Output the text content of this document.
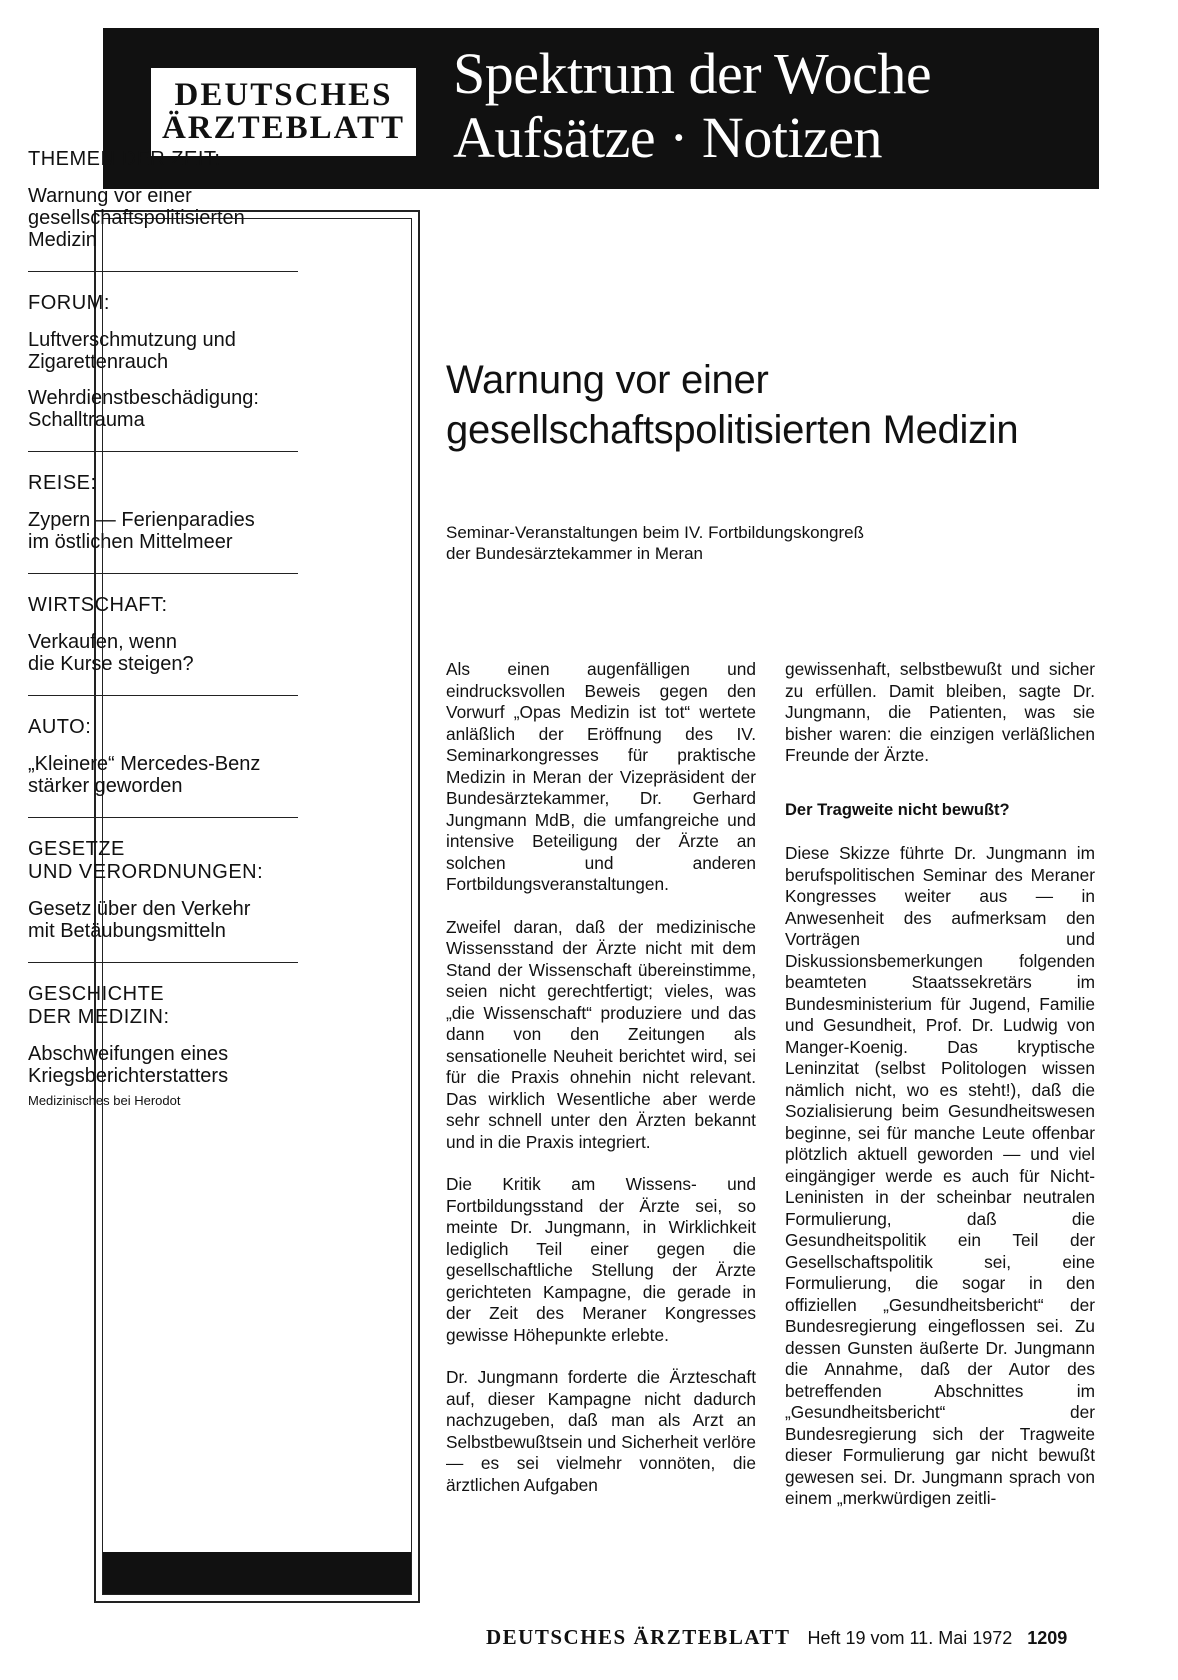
DEUTSCHES
ÄRZTEBLATT
Spektrum der Woche
Aufsätze · Notizen
THEMEN DER ZEIT:
Warnung vor einer
gesellschaftspolitisierten
Medizin
FORUM:
Luftverschmutzung und
Zigarettenrauch
Wehrdienstbeschädigung:
Schalltrauma
REISE:
Zypern — Ferienparadies
im östlichen Mittelmeer
WIRTSCHAFT:
Verkaufen, wenn
die Kurse steigen?
AUTO:
„Kleinere“ Mercedes-Benz
stärker geworden
GESETZE
UND VERORDNUNGEN:
Gesetz über den Verkehr
mit Betäubungsmitteln
GESCHICHTE
DER MEDIZIN:
Abschweifungen eines
Kriegsberichterstatters
Medizinisches bei Herodot
Warnung vor einer
gesellschaftspolitisierten Medizin
Seminar-Veranstaltungen beim IV. Fortbildungskongreß
der Bundesärztekammer in Meran

Als einen augenfälligen und eindrucksvollen Beweis gegen den Vorwurf „Opas Medizin ist tot“ wertete anläßlich der Eröffnung des IV. Seminarkongresses für praktische Medizin in Meran der Vizepräsident der Bundesärztekammer, Dr. Gerhard Jungmann MdB, die umfangreiche und intensive Beteiligung der Ärzte an solchen und anderen Fortbildungsveranstaltungen.

Zweifel daran, daß der medizinische Wissensstand der Ärzte nicht mit dem Stand der Wissenschaft übereinstimme, seien nicht gerechtfertigt; vieles, was „die Wissenschaft“ produziere und das dann von den Zeitungen als sensationelle Neuheit berichtet wird, sei für die Praxis ohnehin nicht relevant. Das wirklich Wesentliche aber werde sehr schnell unter den Ärzten bekannt und in die Praxis integriert.

Die Kritik am Wissens- und Fortbildungsstand der Ärzte sei, so meinte Dr. Jungmann, in Wirklichkeit lediglich Teil einer gegen die gesellschaftliche Stellung der Ärzte gerichteten Kampagne, die gerade in der Zeit des Meraner Kongresses gewisse Höhepunkte erlebte.

Dr. Jungmann forderte die Ärzteschaft auf, dieser Kampagne nicht dadurch nachzugeben, daß man als Arzt an Selbstbewußtsein und Sicherheit verlöre — es sei vielmehr vonnöten, die ärztlichen Aufgaben

gewissenhaft, selbstbewußt und sicher zu erfüllen. Damit bleiben, sagte Dr. Jungmann, die Patienten, was sie bisher waren: die einzigen verläßlichen Freunde der Ärzte.

Der Tragweite nicht bewußt?

Diese Skizze führte Dr. Jungmann im berufspolitischen Seminar des Meraner Kongresses weiter aus — in Anwesenheit des aufmerksam den Vorträgen und Diskussionsbemerkungen folgenden beamteten Staatssekretärs im Bundesministerium für Jugend, Familie und Gesundheit, Prof. Dr. Ludwig von Manger-Koenig. Das kryptische Leninzitat (selbst Politologen wissen nämlich nicht, wo es steht!), daß die Sozialisierung beim Gesundheitswesen beginne, sei für manche Leute offenbar plötzlich aktuell geworden — und viel eingängiger werde es auch für Nicht-Leninisten in der scheinbar neutralen Formulierung, daß die Gesundheitspolitik ein Teil der Gesellschaftspolitik sei, eine Formulierung, die sogar in den offiziellen „Gesundheitsbericht“ der Bundesregierung eingeflossen sei. Zu dessen Gunsten äußerte Dr. Jungmann die Annahme, daß der Autor des betreffenden Abschnittes im „Gesundheitsbericht“ der Bundesregierung sich der Tragweite dieser Formulierung gar nicht bewußt gewesen sei. Dr. Jungmann sprach von einem „merkwürdigen zeitli-

DEUTSCHES ÄRZTEBLATT Heft 19 vom 11. Mai 1972 1209
